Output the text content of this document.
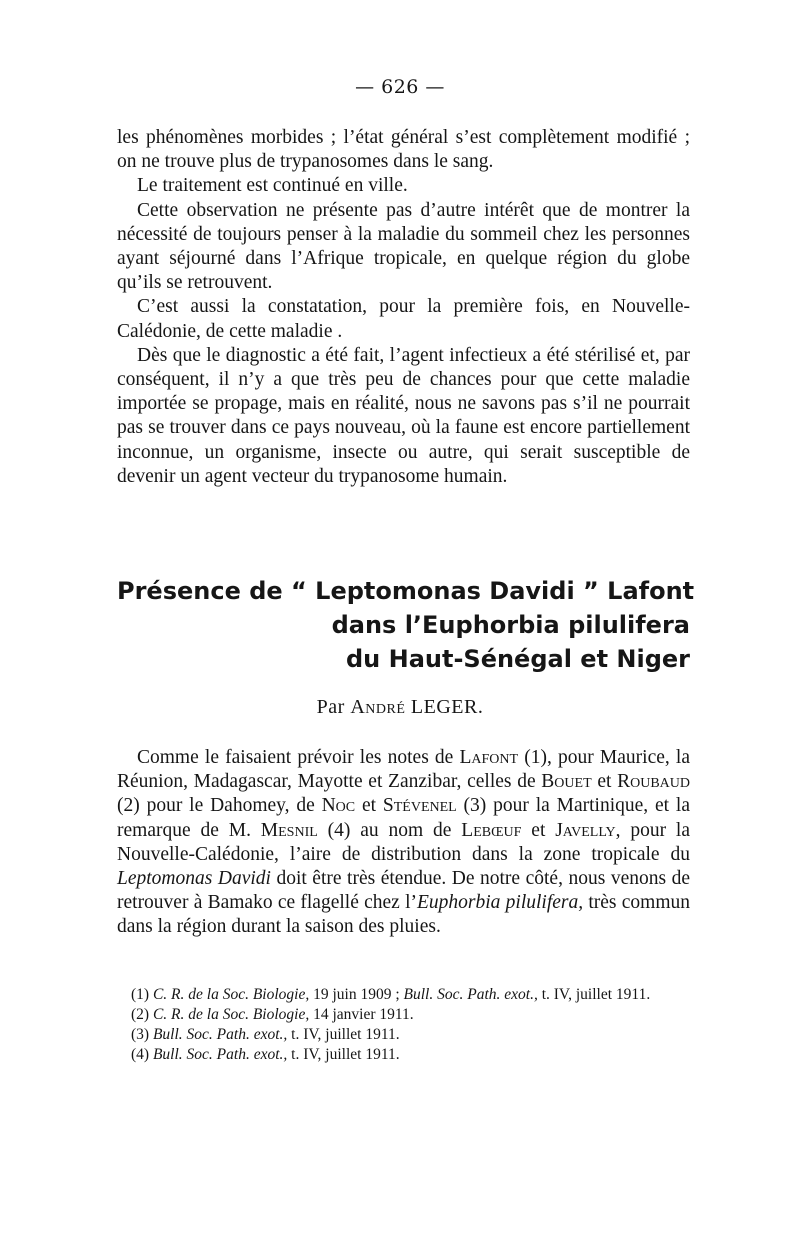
— 626 —

les phénomènes morbides ; l’état général s’est complètement modifié ; on ne trouve plus de trypanosomes dans le sang.

Le traitement est continué en ville.

Cette observation ne présente pas d’autre intérêt que de montrer la nécessité de toujours penser à la maladie du sommeil chez les personnes ayant séjourné dans l’Afrique tropicale, en quelque région du globe qu’ils se retrouvent.

C’est aussi la constatation, pour la première fois, en Nouvelle-Calédonie, de cette maladie .

Dès que le diagnostic a été fait, l’agent infectieux a été stérilisé et, par conséquent, il n’y a que très peu de chances pour que cette maladie importée se propage, mais en réalité, nous ne savons pas s’il ne pourrait pas se trouver dans ce pays nouveau, où la faune est encore partiellement inconnue, un organisme, insecte ou autre, qui serait susceptible de devenir un agent vecteur du trypanosome humain.

Présence de “ Leptomonas Davidi ” Lafont
dans l’Euphorbia pilulifera
du Haut-Sénégal et Niger
Par André LEGER.

Comme le faisaient prévoir les notes de Lafont (1), pour Maurice, la Réunion, Madagascar, Mayotte et Zanzibar, celles de Bouet et Roubaud (2) pour le Dahomey, de Noc et Stévenel (3) pour la Martinique, et la remarque de M. Mesnil (4) au nom de Lebœuf et Javelly, pour la Nouvelle-Calédonie, l’aire de distribution dans la zone tropicale du Leptomonas Davidi doit être très étendue. De notre côté, nous venons de retrouver à Bamako ce flagellé chez l’Euphorbia pilulifera, très commun dans la région durant la saison des pluies.

(1) C. R. de la Soc. Biologie, 19 juin 1909 ; Bull. Soc. Path. exot., t. IV, juillet 1911.

(2) C. R. de la Soc. Biologie, 14 janvier 1911.

(3) Bull. Soc. Path. exot., t. IV, juillet 1911.

(4) Bull. Soc. Path. exot., t. IV, juillet 1911.
